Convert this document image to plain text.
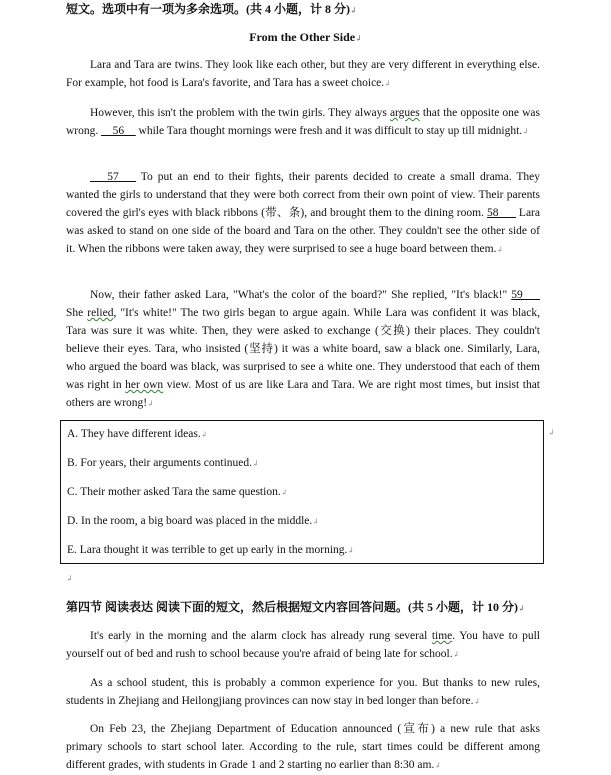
短文。选项中有一项为多余选项。(共 4 小题，计 8 分)↲
From the Other Side↲

Lara and Tara are twins. They look like each other, but they are very different in everything else. For example, hot food is Lara's favorite, and Tara has a sweet choice.↲

However, this isn't the problem with the twin girls. They always argues that the opposite one was wrong. __56__ while Tara thought mornings were fresh and it was difficult to stay up till midnight.↲

___57___ To put an end to their fights, their parents decided to create a small drama. They wanted the girls to understand that they were both correct from their own point of view. Their parents covered the girl's eyes with black ribbons (带、条), and brought them to the dining room. 58___ Lara was asked to stand on one side of the board and Tara on the other. They couldn't see the other side of it. When the ribbons were taken away, they were surprised to see a huge board between them.↲

Now, their father asked Lara, "What's the color of the board?" She replied, "It's black!" 59___ She relied, "It's white!" The two girls began to argue again. While Lara was confident it was black, Tara was sure it was white. Then, they were asked to exchange (交换) their places. They couldn't believe their eyes. Tara, who insisted (坚持) it was a white board, saw a black one. Similarly, Lara, who argued the board was black, was surprised to see a white one. They understood that each of them was right in her own view. Most of us are like Lara and Tara. We are right most times, but insist that others are wrong!↲

A. They have different ideas.↲
B. For years, their arguments continued.↲
C. Their mother asked Tara the same question.↲
D. In the room, a big board was placed in the middle.↲
E. Lara thought it was terrible to get up early in the morning.↲
↲
↲
第四节 阅读表达 阅读下面的短文，然后根据短文内容回答问题。(共 5 小题，计 10 分)↲

It's early in the morning and the alarm clock has already rung several time. You have to pull yourself out of bed and rush to school because you're afraid of being late for school.↲

As a school student, this is probably a common experience for you. But thanks to new rules, students in Zhejiang and Heilongjiang provinces can now stay in bed longer than before.↲

On Feb 23, the Zhejiang Department of Education announced (宣布) a new rule that asks primary schools to start school later. According to the rule, start times could be different among different grades, with students in Grade 1 and 2 starting no earlier than 8:30 am.↲
